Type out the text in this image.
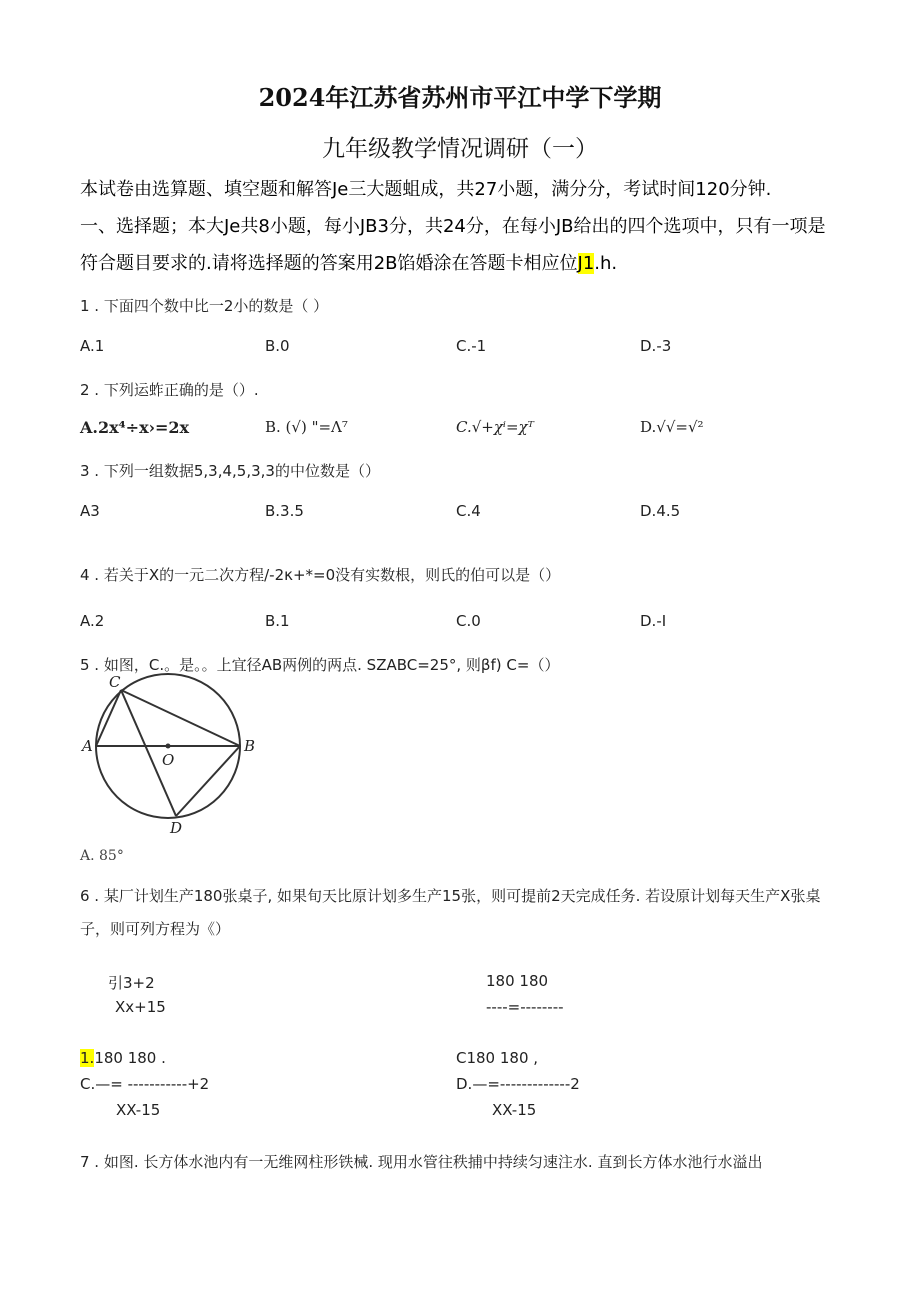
2024年江苏省苏州市平江中学下学期
九年级教学情况调研（一）
本试卷由选算题、填空题和解答Je三大题蛆成，共27小题，满分分，考试时间120分钟.
一、选择题；本大Je共8小题，每小JB3分，共24分，在每小JB给出的四个选项中，只有一项是
符合题目要求的.请将选择题的答案用2B馅婚涂在答题卡相应位J1.h.
1 . 下面四个数中比一2小的数是（ ）
A.1	B.0	C.-1	D.-3
2 . 下列运蚱正确的是（）.
A.2x⁴÷x›=2x	B. (√) "=Λ⁷	C.√+χⁱ=χᵀ	D.√√=√²
3 . 下列一组数据5,3,4,5,3,3的中位数是（）
A3	B.3.5	C.4	D.4.5
4 . 若关于X的一元二次方程/-2κ+*=0没有实数根，则氏的伯可以是（）
A.2	B.1	C.0	D.-I
5 . 如图，C.。是。。上宜径AB两例的两点. SZABC=25°, 则βf) C=（）
A	B
C
D
O
A. 85°
6 . 某厂计划生产180张桌子, 如果旬天比原计划多生产15张，则可提前2天完成任务. 若设原计划每天生产X张桌
子，则可列方程为《）
引3+2
Xx+15
180 180
----=--------
1.180 180 .
C.—= -----------+2
XX-15
C180 180 ,
D.—=-------------2
XX-15
7 . 如图. 长方体水池内有一无维网柱形铁械. 现用水管往秩捕中持续匀速注水. 直到长方体水池行水溢出
